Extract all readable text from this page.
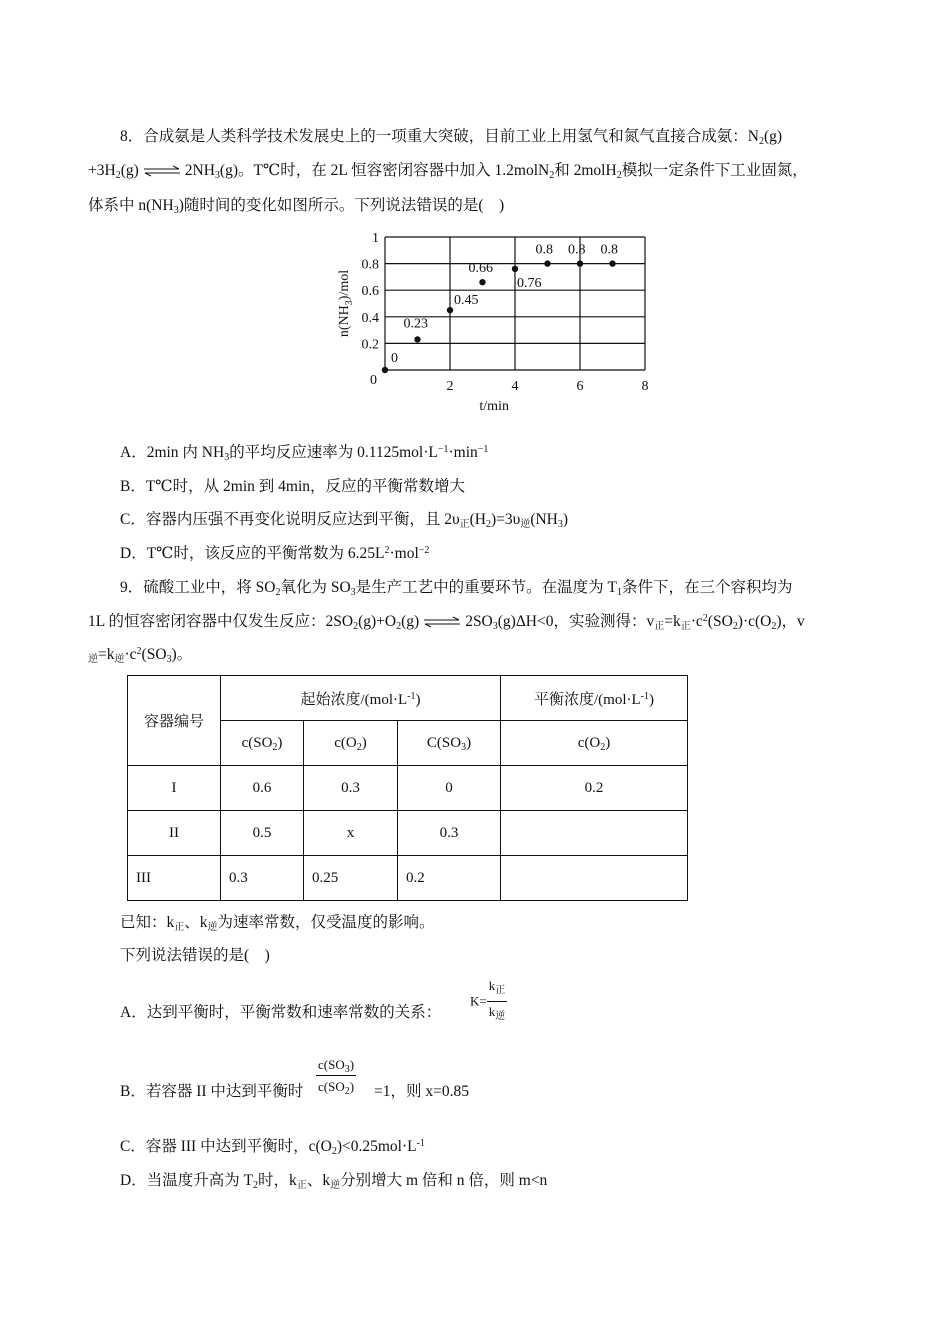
8．合成氨是人类科学技术发展史上的一项重大突破，目前工业上用氢气和氮气直接合成氨：$N_2(g)$
$+3H_2(g)$ ⇌ $2NH_3(g)$。T℃时，在 2L 恒容密闭容器中加入 1.2molN$_2$和 2molH$_2$模拟一定条件下工业固氮，
体系中 $n(NH_3)$随时间的变化如图所示。下列说法错误的是(　)
0.2
0.4
0.6
0.8
1
0	2	4	6	8
t/min
$n(NH_3)$/mol
0
0.23
0.45
0.66
0.76
0.8 0.8 0.8
A．2min 内 $NH_3$的平均反应速率为 $0.1125mol\cdot L^{-1}\cdot\min^{-1}$
B．T℃时，从 2min 到 4min，反应的平衡常数增大
C．容器内压强不再变化说明反应达到平衡，且 2υ正$(H_2)=3\upsilon$逆$(NH_3)$
D．T℃时，该反应的平衡常数为 $6.25L^2\cdot mol^{-2}$
9．硫酸工业中，将 $SO_2$氧化为 $SO_3$是生产工艺中的重要环节。在温度为 $T_1$条件下，在三个容积均为
1L 的恒容密闭容器中仅发生反应：$2SO_2(g)+O_2(g)$ ⇌ $2SO_3(g)\Delta H<0$，实验测得：v正=k正$\cdot c^2(SO_2)\cdot c(O_2)$，v
逆=k逆$\cdot c^2(SO_3)$。
容器编号	起始浓度$/(mol\cdot L^{-1})$			平衡浓度$/(mol\cdot L^{-1})$
	$c(SO_2)$	$c(O_2)$	$C(SO_3)$	$c(O_2)$
I	0.6	0.3	0	0.2
II	0.5	x	0.3	
III	0.3	0.25	0.2	
已知：k正、k逆为速率常数，仅受温度的影响。
下列说法错误的是(　)
A．达到平衡时，平衡常数和速率常数的关系：
$K= \frac{k_正}{k_逆}$
B．若容器 II 中达到平衡时 $\frac{c(SO_3)}{c(SO_2)} =1$，则 x=0.85
C．容器 III 中达到平衡时，$c(O_2)<0.25mol\cdot L^{-1}$
D．当温度升高为 $T_2$时，k正、k逆分别增大 m 倍和 n 倍，则 m<n
